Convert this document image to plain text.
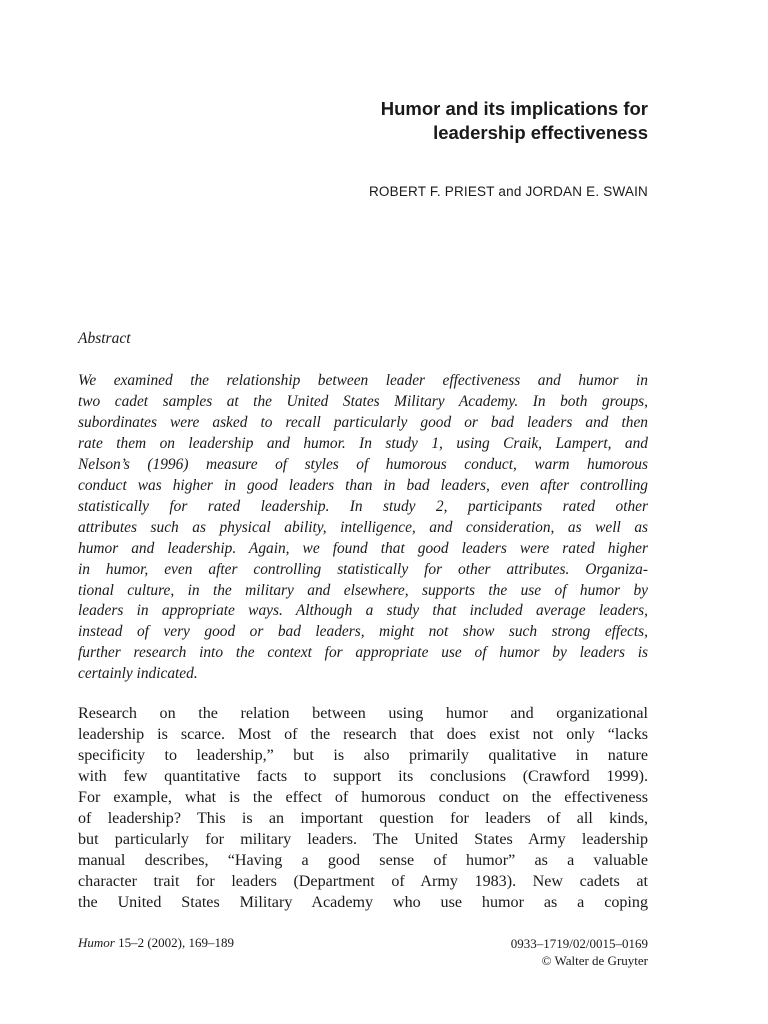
Humor and its implications for
leadership effectiveness
ROBERT F. PRIEST and JORDAN E. SWAIN
Abstract
We examined the relationship between leader effectiveness and humor in
two cadet samples at the United States Military Academy. In both groups,
subordinates were asked to recall particularly good or bad leaders and then
rate them on leadership and humor. In study 1, using Craik, Lampert, and
Nelson’s (1996) measure of styles of humorous conduct, warm humorous
conduct was higher in good leaders than in bad leaders, even after controlling
statistically for rated leadership. In study 2, participants rated other
attributes such as physical ability, intelligence, and consideration, as well as
humor and leadership. Again, we found that good leaders were rated higher
in humor, even after controlling statistically for other attributes. Organiza-
tional culture, in the military and elsewhere, supports the use of humor by
leaders in appropriate ways. Although a study that included average leaders,
instead of very good or bad leaders, might not show such strong effects,
further research into the context for appropriate use of humor by leaders is
certainly indicated.
Research on the relation between using humor and organizational
leadership is scarce. Most of the research that does exist not only “lacks
specificity to leadership,” but is also primarily qualitative in nature
with few quantitative facts to support its conclusions (Crawford 1999).
For example, what is the effect of humorous conduct on the effectiveness
of leadership? This is an important question for leaders of all kinds,
but particularly for military leaders. The United States Army leadership
manual describes, “Having a good sense of humor” as a valuable
character trait for leaders (Department of Army 1983). New cadets at
the United States Military Academy who use humor as a coping
Humor 15–2 (2002), 169–189	0933–1719/02/0015–0169
© Walter de Gruyter
